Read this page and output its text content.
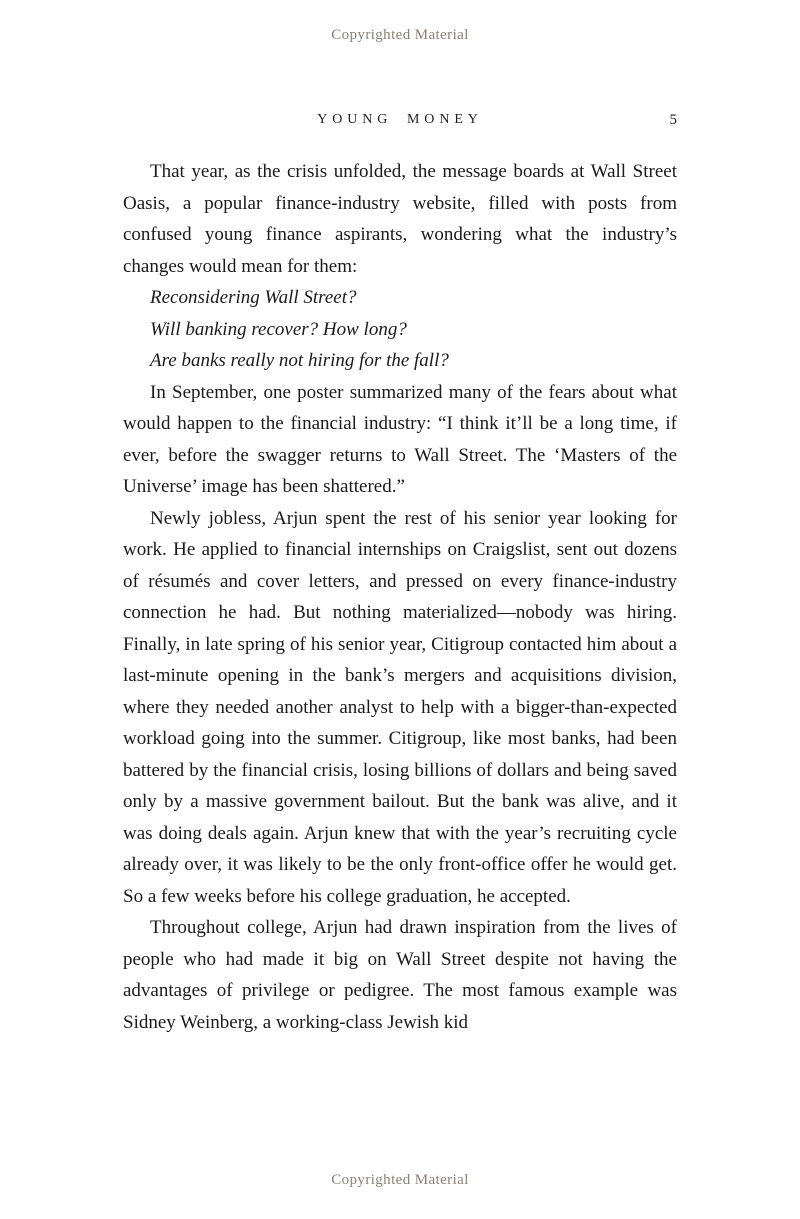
Copyrighted Material
YOUNG MONEY	5

That year, as the crisis unfolded, the message boards at Wall Street Oasis, a popular finance-industry website, filled with posts from confused young finance aspirants, wondering what the industry’s changes would mean for them:

Reconsidering Wall Street?

Will banking recover? How long?

Are banks really not hiring for the fall?

In September, one poster summarized many of the fears about what would happen to the financial industry: “I think it’ll be a long time, if ever, before the swagger returns to Wall Street. The ‘Masters of the Universe’ image has been shattered.”

Newly jobless, Arjun spent the rest of his senior year looking for work. He applied to financial internships on Craigslist, sent out dozens of résumés and cover letters, and pressed on every finance-industry connection he had. But nothing materialized—nobody was hiring. Finally, in late spring of his senior year, Citigroup contacted him about a last-minute opening in the bank’s mergers and acquisitions division, where they needed another analyst to help with a bigger-than-expected workload going into the summer. Citigroup, like most banks, had been battered by the financial crisis, losing billions of dollars and being saved only by a massive government bailout. But the bank was alive, and it was doing deals again. Arjun knew that with the year’s recruiting cycle already over, it was likely to be the only front-office offer he would get. So a few weeks before his college graduation, he accepted.

Throughout college, Arjun had drawn inspiration from the lives of people who had made it big on Wall Street despite not having the advantages of privilege or pedigree. The most famous example was Sidney Weinberg, a working-class Jewish kid

Copyrighted Material
